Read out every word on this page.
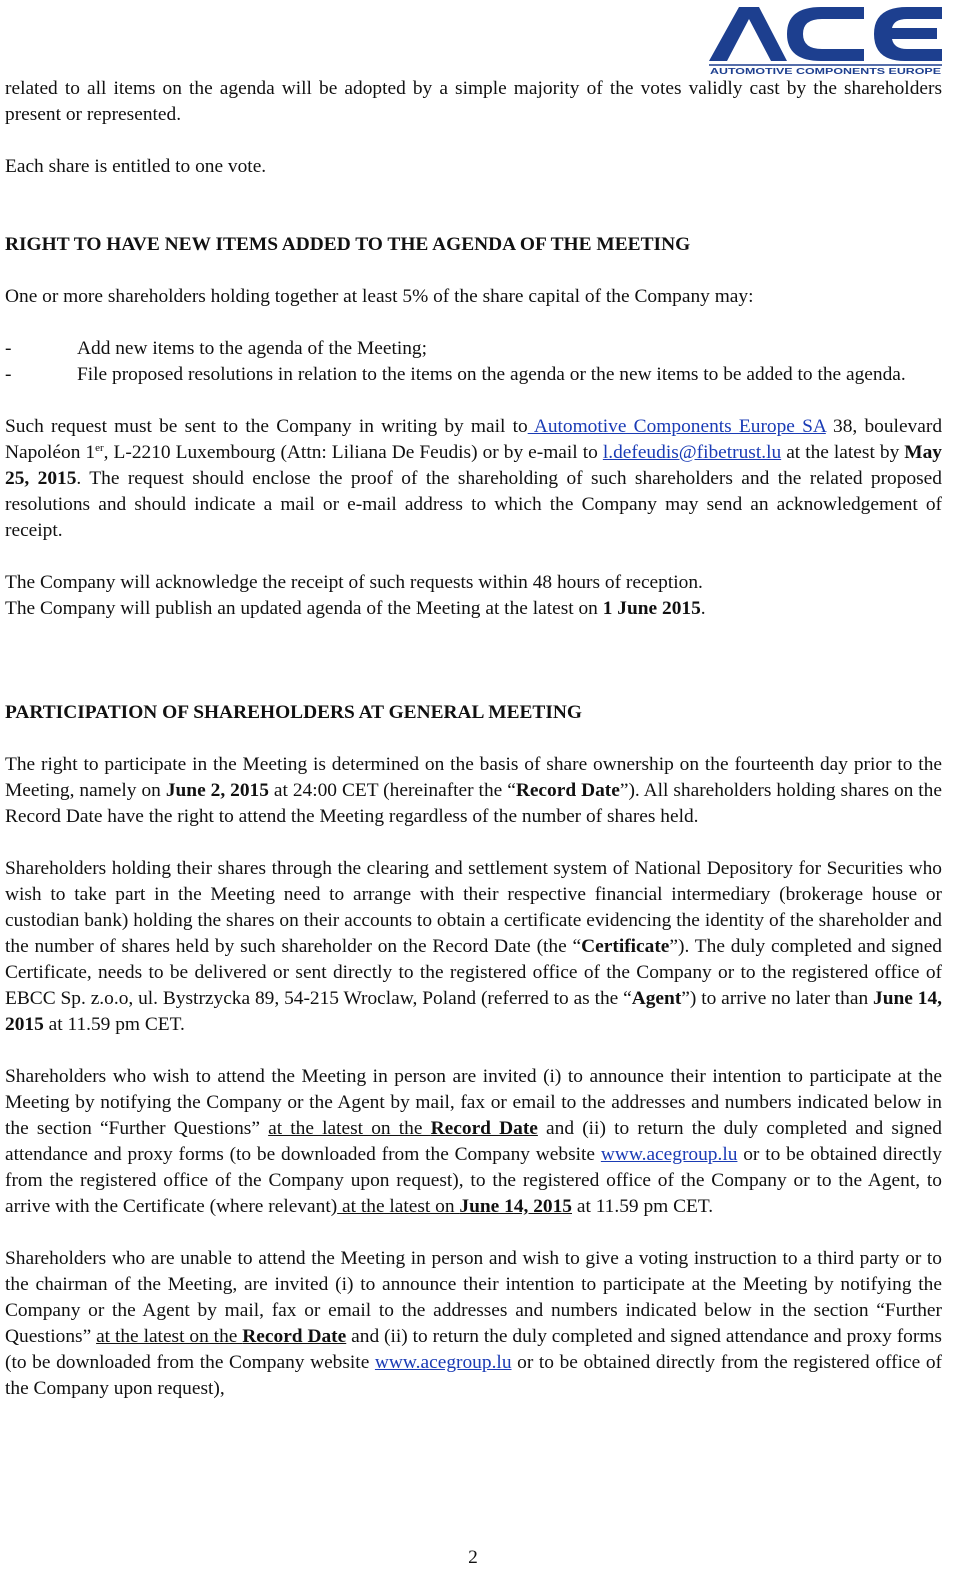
AUTOMOTIVE COMPONENTS EUROPE

related to all items on the agenda will be adopted by a simple majority of the votes validly cast by the shareholders present or represented.

Each share is entitled to one vote.

RIGHT TO HAVE NEW ITEMS ADDED TO THE AGENDA OF THE MEETING

One or more shareholders holding together at least 5% of the share capital of the Company may:

-	Add new items to the agenda of the Meeting;
-	File proposed resolutions in relation to the items on the agenda or the new items to be added to the agenda.

Such request must be sent to the Company in writing by mail to Automotive Components Europe SA 38, boulevard Napoléon 1er, L-2210 Luxembourg (Attn: Liliana De Feudis) or by e-mail to l.defeudis@fibetrust.lu at the latest by May 25, 2015. The request should enclose the proof of the shareholding of such shareholders and the related proposed resolutions and should indicate a mail or e-mail address to which the Company may send an acknowledgement of receipt.

The Company will acknowledge the receipt of such requests within 48 hours of reception.

The Company will publish an updated agenda of the Meeting at the latest on 1 June 2015.

PARTICIPATION OF SHAREHOLDERS AT GENERAL MEETING

The right to participate in the Meeting is determined on the basis of share ownership on the fourteenth day prior to the Meeting, namely on June 2, 2015 at 24:00 CET (hereinafter the “Record Date”). All shareholders holding shares on the Record Date have the right to attend the Meeting regardless of the number of shares held.

Shareholders holding their shares through the clearing and settlement system of National Depository for Securities who wish to take part in the Meeting need to arrange with their respective financial intermediary (brokerage house or custodian bank) holding the shares on their accounts to obtain a certificate evidencing the identity of the shareholder and the number of shares held by such shareholder on the Record Date (the “Certificate”). The duly completed and signed Certificate, needs to be delivered or sent directly to the registered office of the Company or to the registered office of EBCC Sp. z.o.o, ul. Bystrzycka 89, 54-215 Wroclaw, Poland (referred to as the “Agent”) to arrive no later than June 14, 2015 at 11.59 pm CET.

Shareholders who wish to attend the Meeting in person are invited (i) to announce their intention to participate at the Meeting by notifying the Company or the Agent by mail, fax or email to the addresses and numbers indicated below in the section “Further Questions” at the latest on the Record Date and (ii) to return the duly completed and signed attendance and proxy forms (to be downloaded from the Company website www.acegroup.lu or to be obtained directly from the registered office of the Company upon request), to the registered office of the Company or to the Agent, to arrive with the Certificate (where relevant) at the latest on June 14, 2015 at 11.59 pm CET.

Shareholders who are unable to attend the Meeting in person and wish to give a voting instruction to a third party or to the chairman of the Meeting, are invited (i) to announce their intention to participate at the Meeting by notifying the Company or the Agent by mail, fax or email to the addresses and numbers indicated below in the section “Further Questions” at the latest on the Record Date and (ii) to return the duly completed and signed attendance and proxy forms (to be downloaded from the Company website www.acegroup.lu or to be obtained directly from the registered office of the Company upon request),

2
